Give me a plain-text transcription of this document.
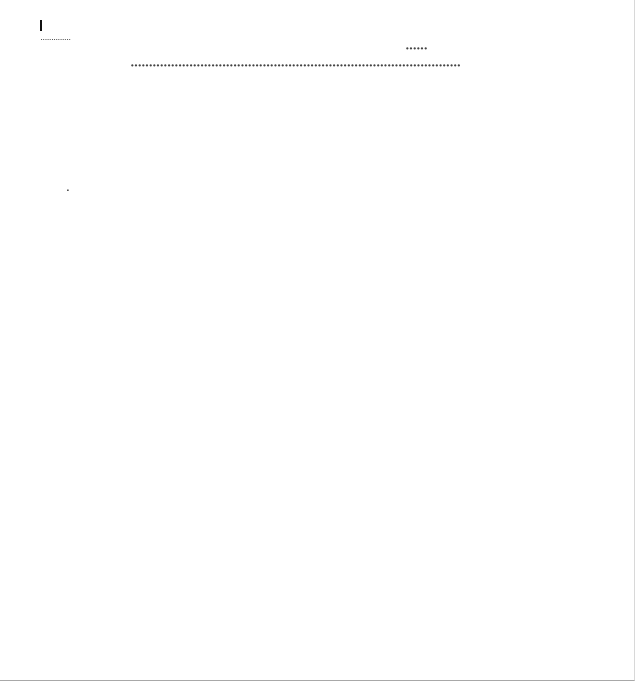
··············
······
··························································································
.
